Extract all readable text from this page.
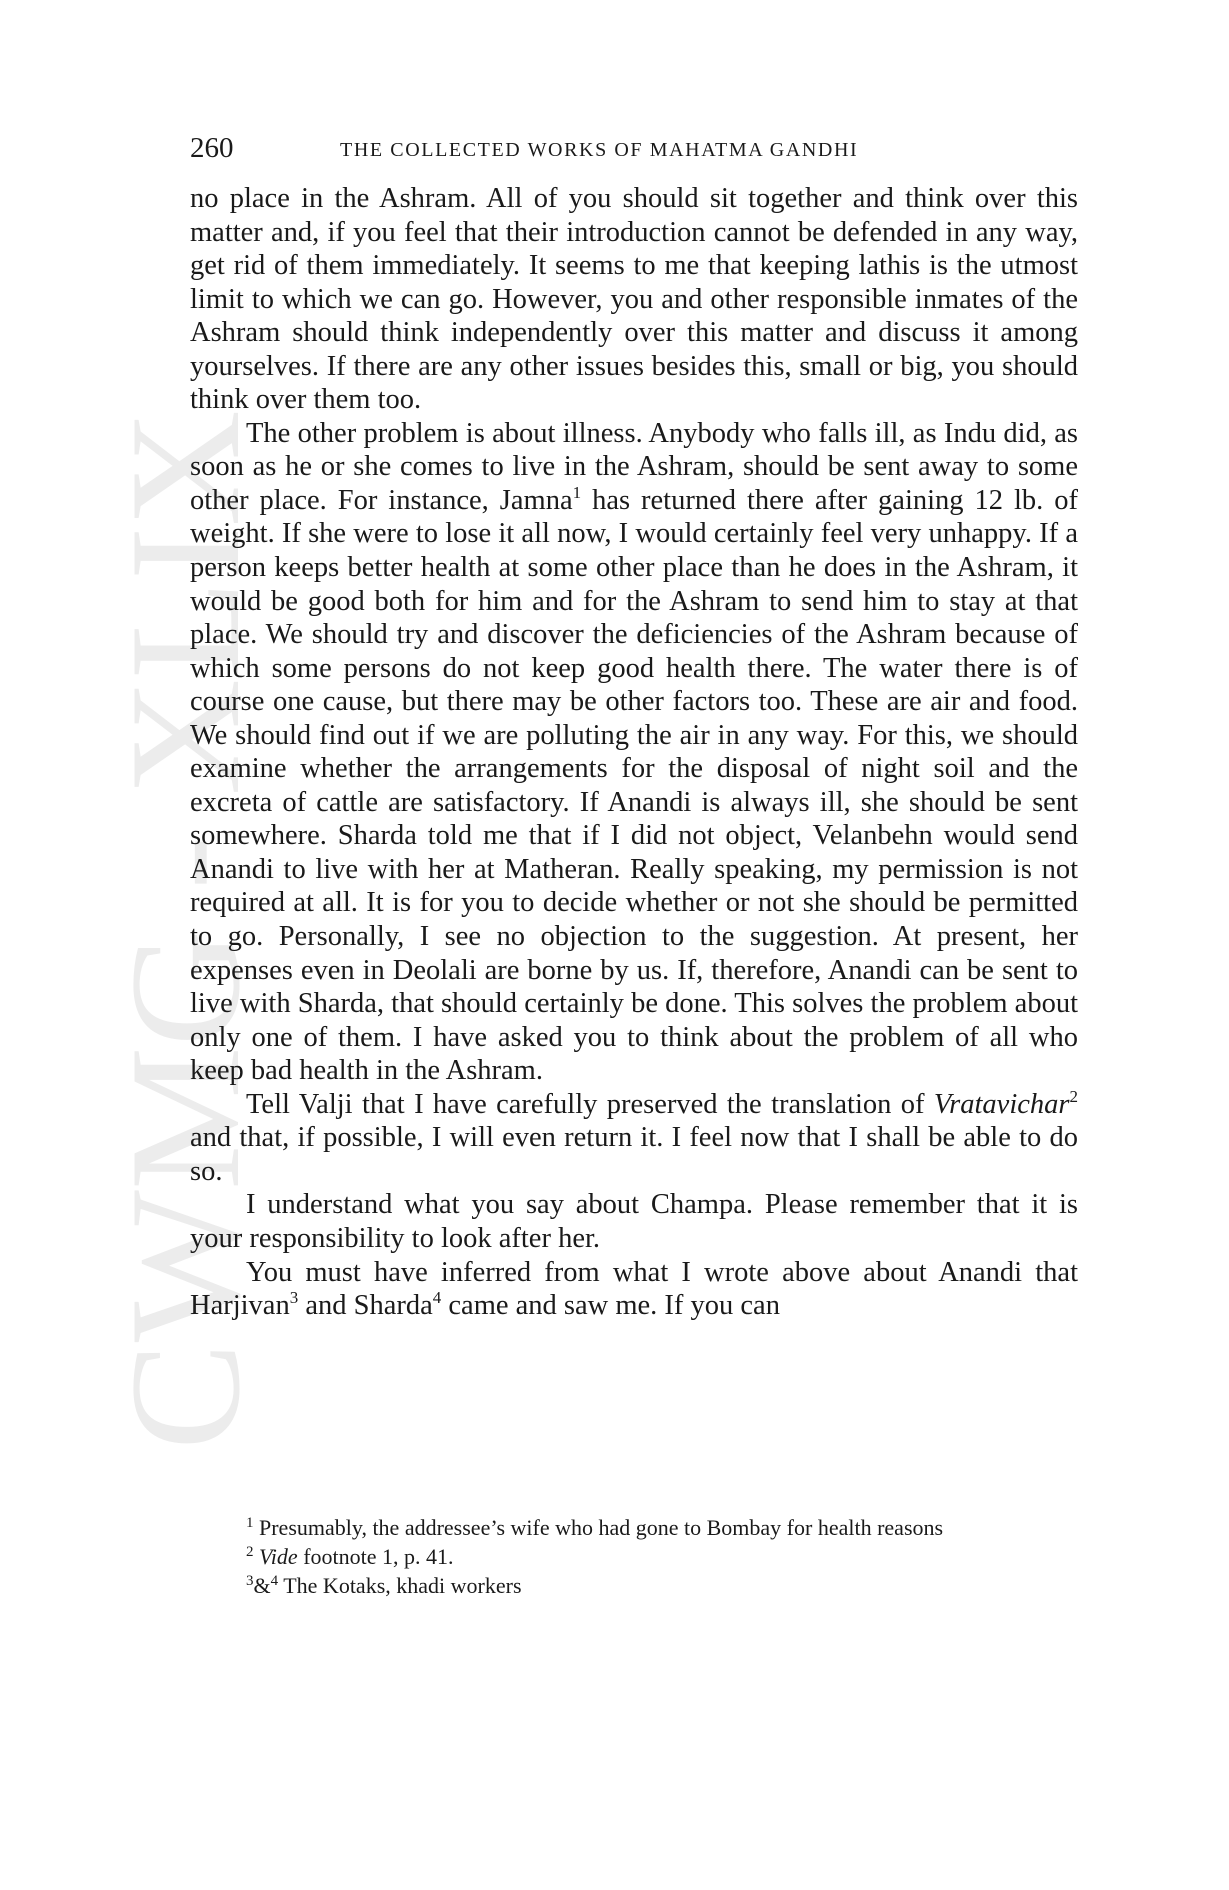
CWMG XLIX
260	THE COLLECTED WORKS OF MAHATMA GANDHI

no place in the Ashram. All of you should sit together and think over this matter and, if you feel that their introduction cannot be defended in any way, get rid of them immediately. It seems to me that keeping lathis is the utmost limit to which we can go. However, you and other responsible inmates of the Ashram should think independently over this matter and discuss it among yourselves. If there are any other issues besides this, small or big, you should think over them too.

The other problem is about illness. Anybody who falls ill, as Indu did, as soon as he or she comes to live in the Ashram, should be sent away to some other place. For instance, Jamna$^1$ has returned there after gaining 12 lb. of weight. If she were to lose it all now, I would certainly feel very unhappy. If a person keeps better health at some other place than he does in the Ashram, it would be good both for him and for the Ashram to send him to stay at that place. We should try and discover the deficiencies of the Ashram because of which some persons do not keep good health there. The water there is of course one cause, but there may be other factors too. These are air and food. We should find out if we are polluting the air in any way. For this, we should examine whether the arrangements for the disposal of night soil and the excreta of cattle are satisfactory. If Anandi is always ill, she should be sent somewhere. Sharda told me that if I did not object, Velanbehn would send Anandi to live with her at Matheran. Really speaking, my permission is not required at all. It is for you to decide whether or not she should be permitted to go. Personally, I see no objection to the suggestion. At present, her expenses even in Deolali are borne by us. If, therefore, Anandi can be sent to live with Sharda, that should certainly be done. This solves the problem about only one of them. I have asked you to think about the problem of all who keep bad health in the Ashram.

Tell Valji that I have carefully preserved the translation of Vratavichar$^2$ and that, if possible, I will even return it. I feel now that I shall be able to do so.

I understand what you say about Champa. Please remember that it is your responsibility to look after her.

You must have inferred from what I wrote above about Anandi that Harjivan$^3$ and Sharda$^4$ came and saw me. If you can

$^1$ Presumably, the addressee’s wife who had gone to Bombay for health reasons

$^2$ Vide footnote 1, p. 41.

$^3$&$^4$ The Kotaks, khadi workers
